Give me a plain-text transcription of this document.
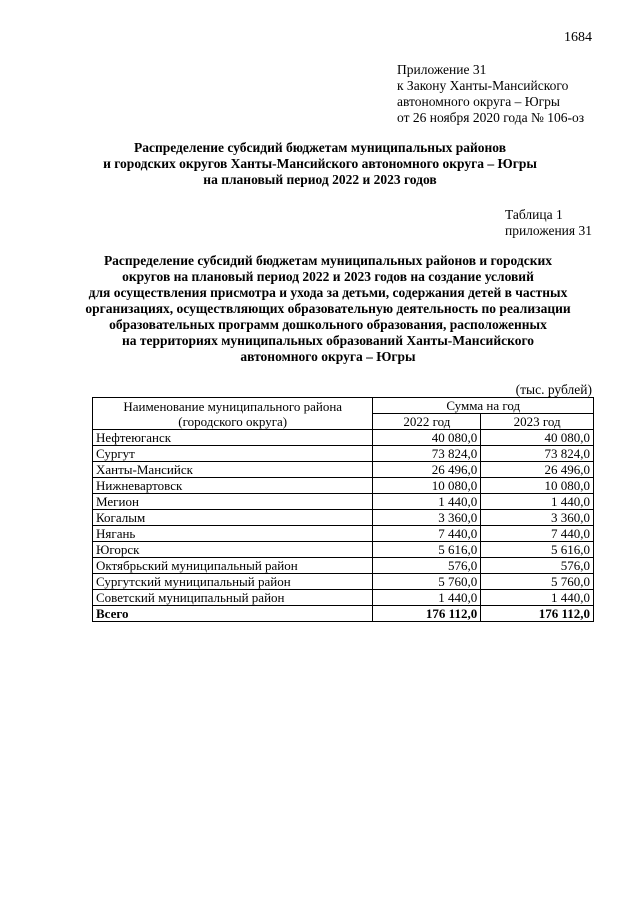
1684
Приложение 31
к Закону Ханты-Мансийского
автономного округа – Югры
от 26 ноября 2020 года № 106-оз
Распределение субсидий бюджетам муниципальных районов
и городских округов Ханты-Мансийского автономного округа – Югры
на плановый период 2022 и 2023 годов
Таблица 1
приложения 31
Распределение субсидий бюджетам муниципальных районов и городских
округов на плановый период 2022 и 2023 годов на создание условий
для осуществления присмотра и ухода за детьми, содержания детей в частных
организациях, осуществляющих образовательную деятельность по реализации
образовательных программ дошкольного образования, расположенных
на территориях муниципальных образований Ханты-Мансийского
автономного округа – Югры
(тыс. рублей)
Наименование муниципального района
(городского округа)	Сумма на год	
	2022 год	2023 год
Нефтеюганск	40 080,0	40 080,0
Сургут	73 824,0	73 824,0
Ханты-Мансийск	26 496,0	26 496,0
Нижневартовск	10 080,0	10 080,0
Мегион	1 440,0	1 440,0
Когалым	3 360,0	3 360,0
Нягань	7 440,0	7 440,0
Югорск	5 616,0	5 616,0
Октябрьский муниципальный район	576,0	576,0
Сургутский муниципальный район	5 760,0	5 760,0
Советский муниципальный район	1 440,0	1 440,0
Всего	176 112,0	176 112,0
